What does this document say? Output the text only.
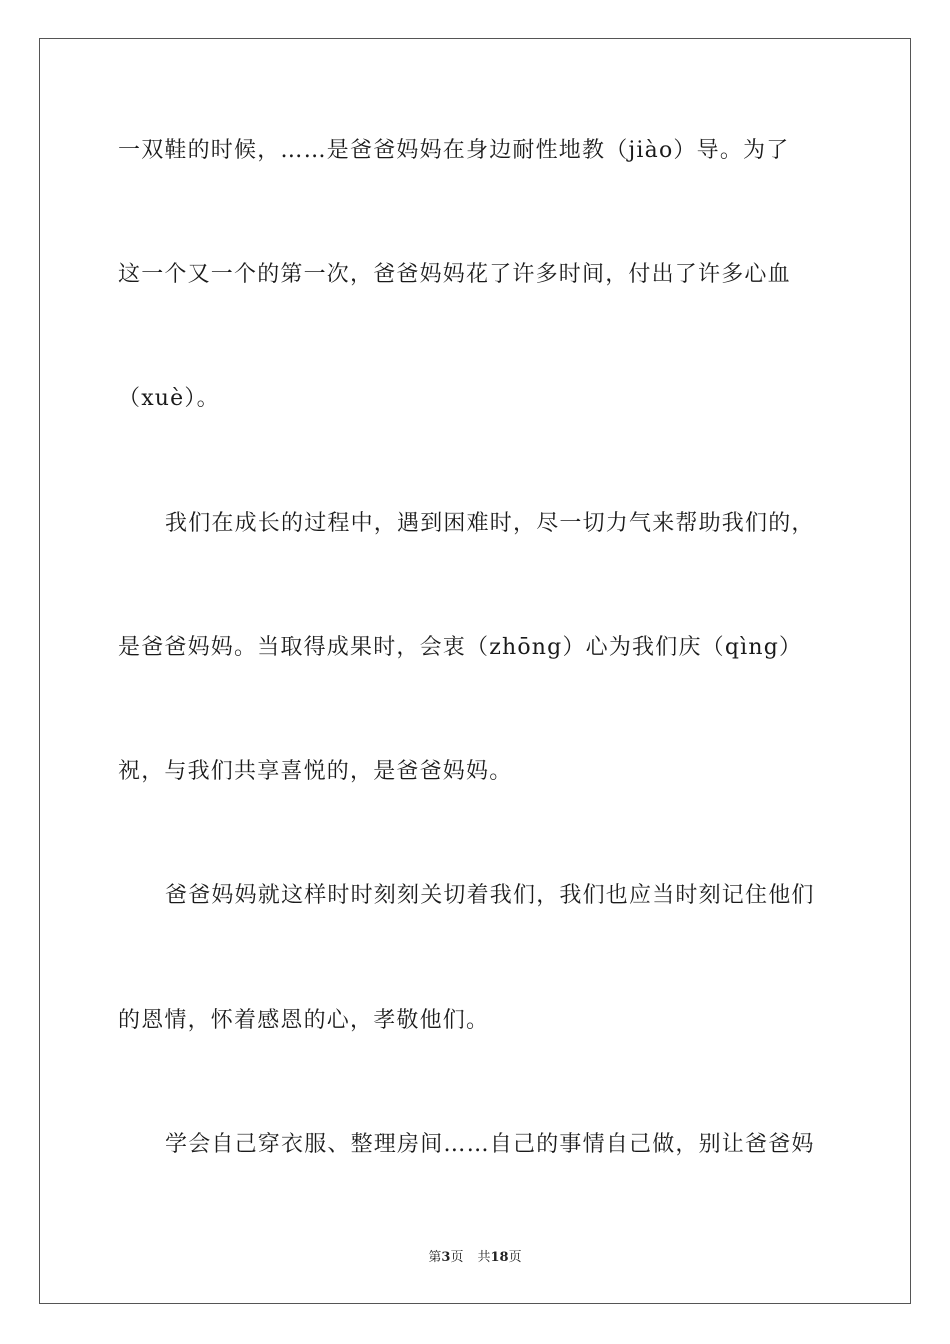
一双鞋的时候，……是爸爸妈妈在身边耐性地教（jiào）导。为了
这一个又一个的第一次，爸爸妈妈花了许多时间，付出了许多心血
（xuè）。
我们在成长的过程中，遇到困难时，尽一切力气来帮助我们的，
是爸爸妈妈。当取得成果时，会衷（zhōng）心为我们庆（qìng）
祝，与我们共享喜悦的，是爸爸妈妈。
爸爸妈妈就这样时时刻刻关切着我们，我们也应当时刻记住他们
的恩情，怀着感恩的心，孝敬他们。
学会自己穿衣服、整理房间……自己的事情自己做，别让爸爸妈
第3页 共18页
